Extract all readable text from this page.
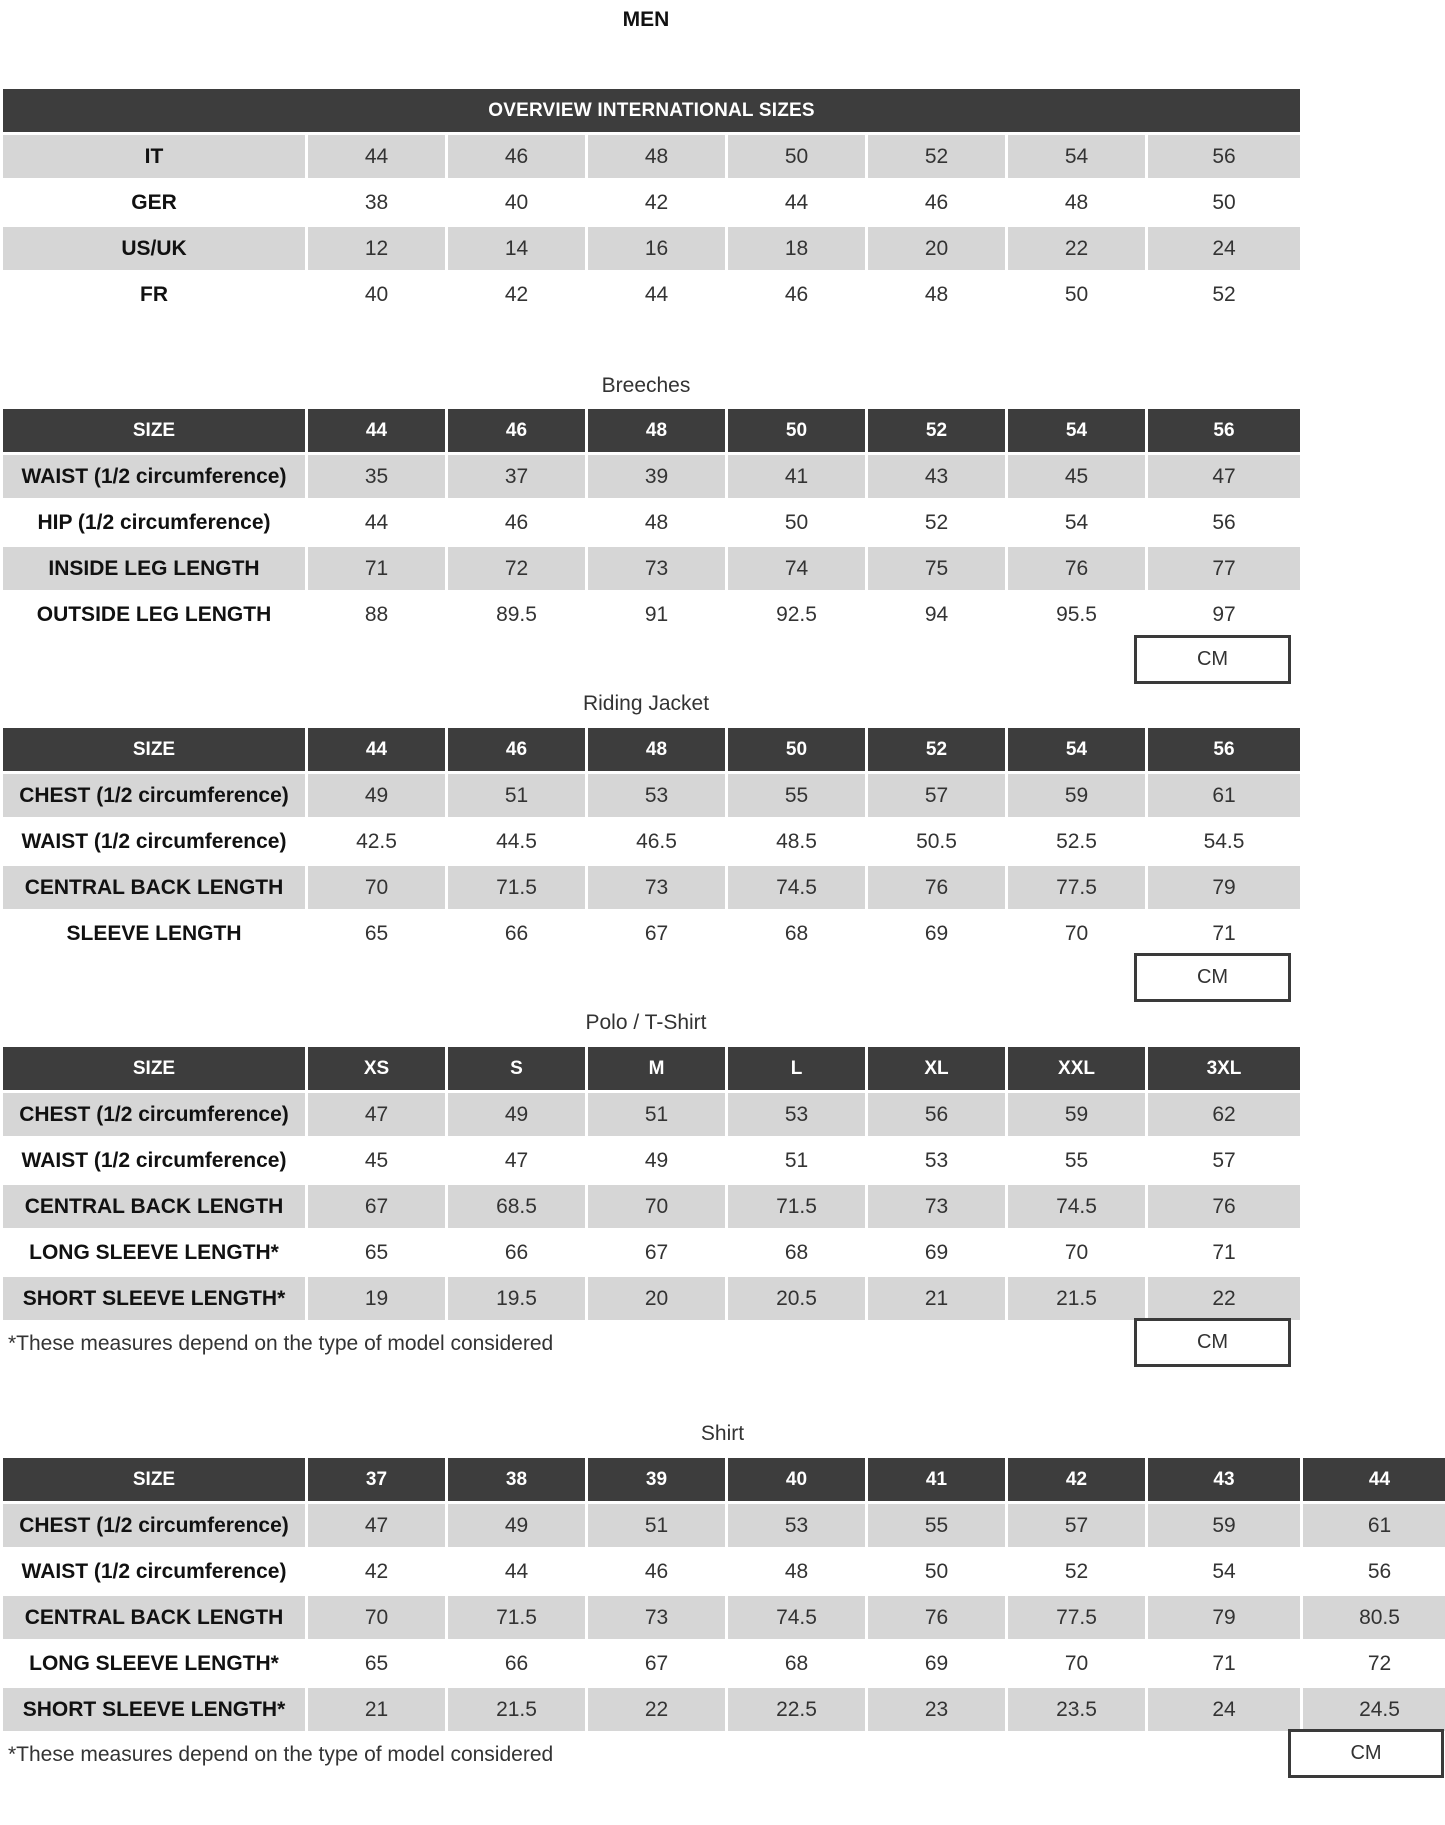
MEN
OVERVIEW INTERNATIONAL SIZES							
IT	44	46	48	50	52	54	56
GER	38	40	42	44	46	48	50
US/UK	12	14	16	18	20	22	24
FR	40	42	44	46	48	50	52
Breeches
SIZE	44	46	48	50	52	54	56
WAIST (1/2 circumference)	35	37	39	41	43	45	47
HIP (1/2 circumference)	44	46	48	50	52	54	56
INSIDE LEG LENGTH	71	72	73	74	75	76	77
OUTSIDE LEG LENGTH	88	89.5	91	92.5	94	95.5	97
CM
Riding Jacket
SIZE	44	46	48	50	52	54	56
CHEST (1/2 circumference)	49	51	53	55	57	59	61
WAIST (1/2 circumference)	42.5	44.5	46.5	48.5	50.5	52.5	54.5
CENTRAL BACK LENGTH	70	71.5	73	74.5	76	77.5	79
SLEEVE LENGTH	65	66	67	68	69	70	71
CM
Polo / T-Shirt
SIZE	XS	S	M	L	XL	XXL	3XL
CHEST (1/2 circumference)	47	49	51	53	56	59	62
WAIST (1/2 circumference)	45	47	49	51	53	55	57
CENTRAL BACK LENGTH	67	68.5	70	71.5	73	74.5	76
LONG SLEEVE LENGTH*	65	66	67	68	69	70	71
SHORT SLEEVE LENGTH*	19	19.5	20	20.5	21	21.5	22
*These measures depend on the type of model considered	CM
Shirt
SIZE	37	38	39	40	41	42	43	44
CHEST (1/2 circumference)	47	49	51	53	55	57	59	61
WAIST (1/2 circumference)	42	44	46	48	50	52	54	56
CENTRAL BACK LENGTH	70	71.5	73	74.5	76	77.5	79	80.5
LONG SLEEVE LENGTH*	65	66	67	68	69	70	71	72
SHORT SLEEVE LENGTH*	21	21.5	22	22.5	23	23.5	24	24.5
*These measures depend on the type of model considered	CM
